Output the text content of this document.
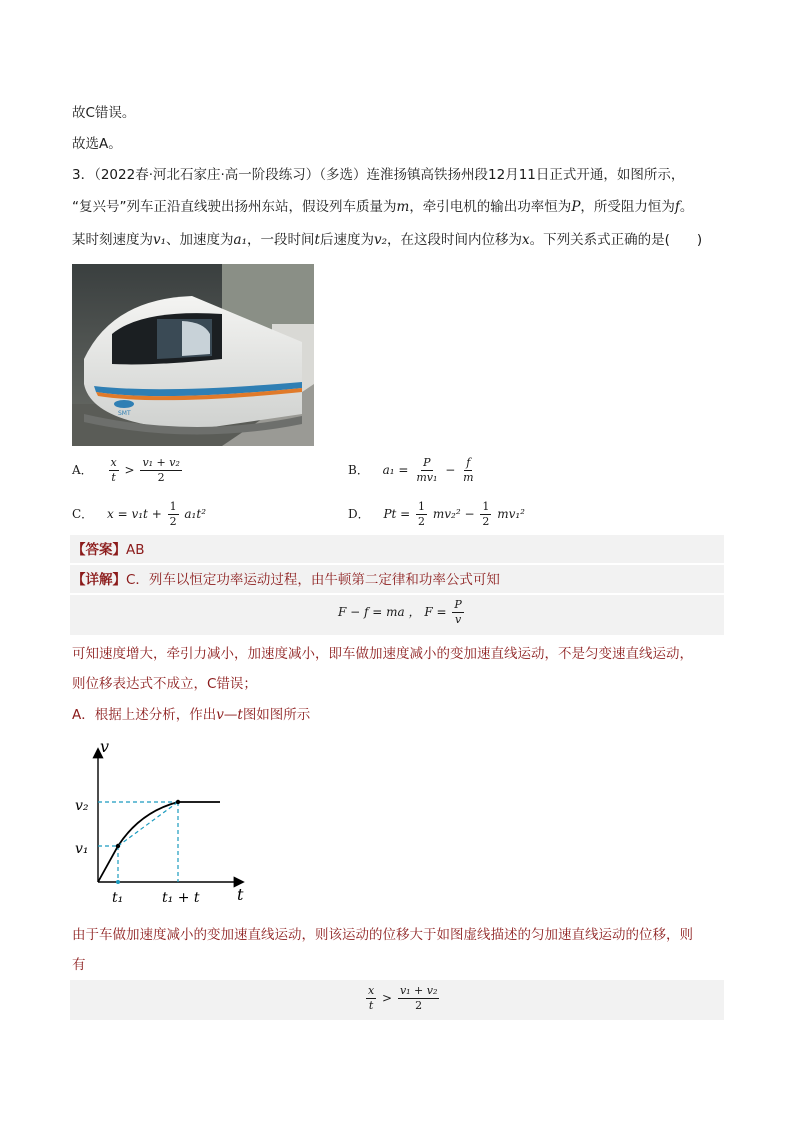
故C错误。
故选A。
3．（2022春·河北石家庄·高一阶段练习）（多选）连淮扬镇高铁扬州段12月11日正式开通，如图所示，
“复兴号”列车正沿直线驶出扬州东站，假设列车质量为m，牵引电机的输出功率恒为P，所受阻力恒为f。
某时刻速度为v₁、加速度为a₁，一段时间t后速度为v₂，在这段时间内位移为x。下列关系式正确的是(　　)
SMT
A． $\frac{x}{t} > \frac{\text{v₁ + v₂}}{2}$	B． $a_1 = \frac{P}{\text{mv₁}} - \frac{f}{m}$
C． $x = v_1t + \frac{1}{2} a_1t^2$	D． $Pt = \frac{1}{2} mv_2^2 - \frac{1}{2} mv_1^2$
【答案】AB
【详解】C．列车以恒定功率运动过程，由牛顿第二定律和功率公式可知
F − f = ma ， $F = \frac{P}{v}$
可知速度增大，牵引力减小，加速度减小，即车做加速度减小的变加速直线运动，不是匀变速直线运动，
则位移表达式不成立，C错误；
A．根据上述分析，作出v—t图如图所示
v
t
v₂
v₁
t₁	t₁ + t
由于车做加速度减小的变加速直线运动，则该运动的位移大于如图虚线描述的匀加速直线运动的位移，则
有
$\frac{x}{t} > \frac{\text{v₁ + v₂}}{2}$
